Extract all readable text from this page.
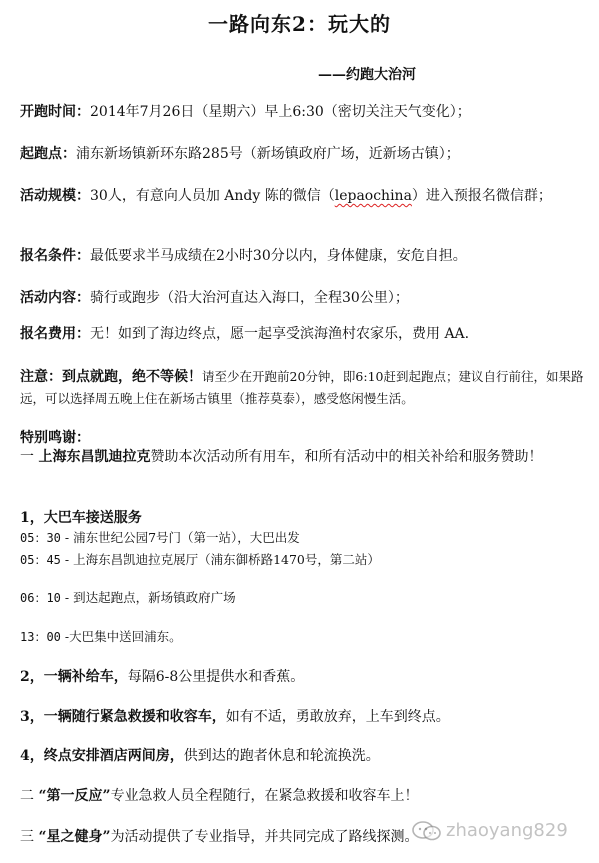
一路向东2：玩大的
——约跑大治河
开跑时间：2014年7月26日（星期六）早上6:30（密切关注天气变化）；
起跑点：浦东新场镇新环东路285号（新场镇政府广场，近新场古镇）；
活动规模：30人，有意向人员加 Andy 陈的微信（lepaochina）进入预报名微信群；
报名条件：最低要求半马成绩在2小时30分以内，身体健康，安危自担。
活动内容：骑行或跑步（沿大治河直达入海口，全程30公里）；
报名费用：无！如到了海边终点，愿一起享受滨海渔村农家乐，费用 AA.
注意：到点就跑，绝不等候！请至少在开跑前20分钟，即6:10赶到起跑点；建议自行前往，如果路远，可以选择周五晚上住在新场古镇里（推荐莫泰），感受悠闲慢生活。
特别鸣谢：
一 上海东昌凯迪拉克赞助本次活动所有用车，和所有活动中的相关补给和服务赞助！
1，大巴车接送服务
05：30 - 浦东世纪公园7号门（第一站），大巴出发
05：45 - 上海东昌凯迪拉克展厅（浦东御桥路1470号，第二站）
06：10 - 到达起跑点，新场镇政府广场
13：00 -大巴集中送回浦东。
2，一辆补给车，每隔6-8公里提供水和香蕉。
3，一辆随行紧急救援和收容车，如有不适，勇敢放弃，上车到终点。
4，终点安排酒店两间房，供到达的跑者休息和轮流换洗。
二 “第一反应”专业急救人员全程随行，在紧急救援和收容车上！
三 “星之健身”为活动提供了专业指导，并共同完成了路线探测。	zhaoyang829
